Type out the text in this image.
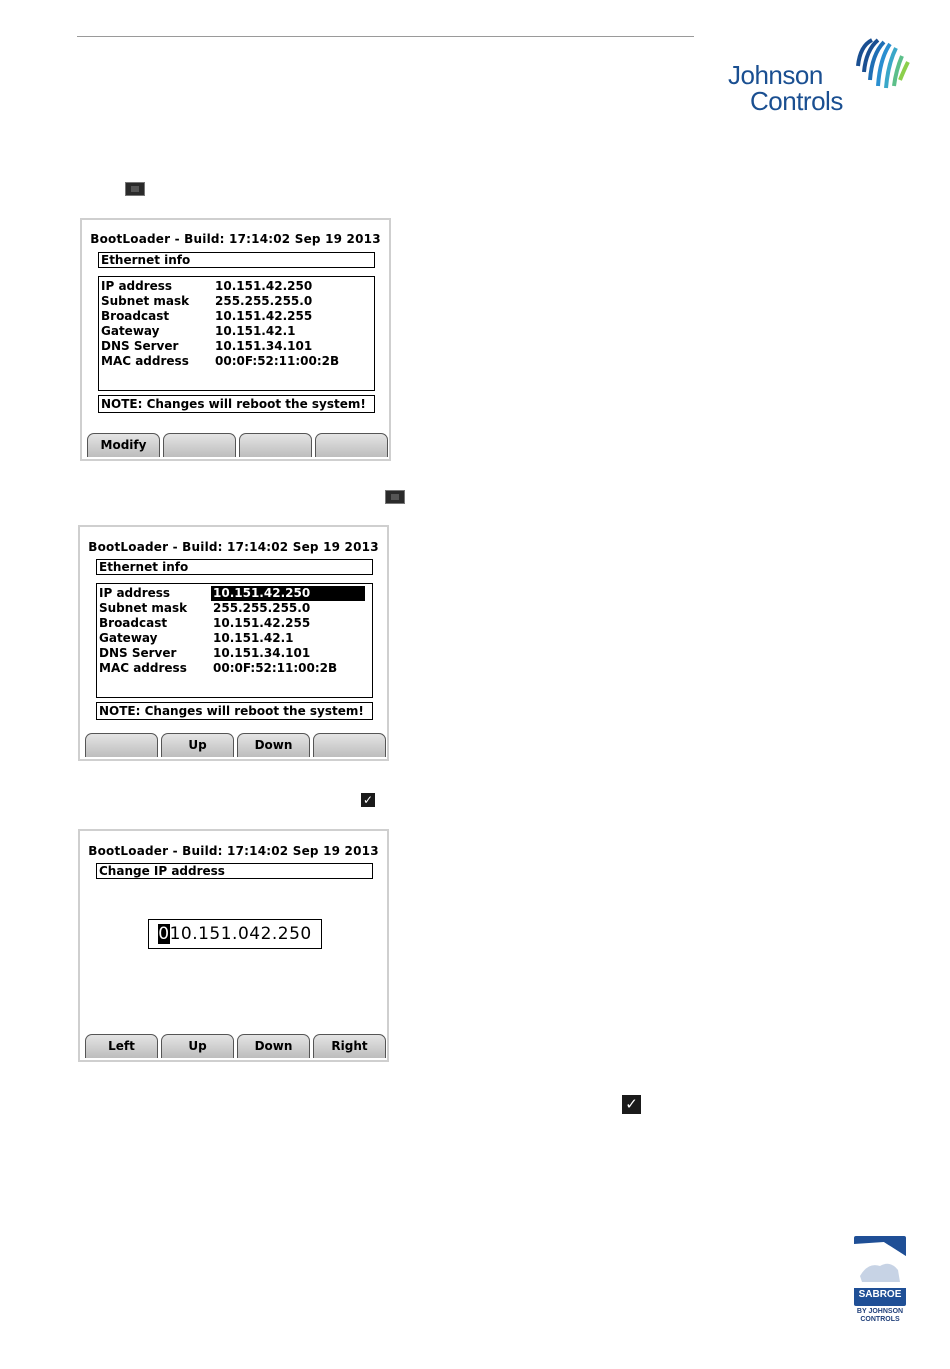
Johnson
Controls
BootLoader - Build: 17:14:02 Sep 19 2013
Ethernet info
IP address	10.151.42.250
Subnet mask 255.255.255.0
Broadcast	10.151.42.255
Gateway	10.151.42.1
DNS Server	10.151.34.101
MAC address 00:0F:52:11:00:2B
NOTE: Changes will reboot the system!
Modify
BootLoader - Build: 17:14:02 Sep 19 2013
Ethernet info
IP address	10.151.42.250
Subnet mask 255.255.255.0
Broadcast	10.151.42.255
Gateway	10.151.42.1
DNS Server	10.151.34.101
MAC address 00:0F:52:11:00:2B
NOTE: Changes will reboot the system!
Up	Down
✓
BootLoader - Build: 17:14:02 Sep 19 2013
Change IP address
010.151.042.250
Left	Up	Down	Right
✓
SABROE
BY JOHNSON CONTROLS
